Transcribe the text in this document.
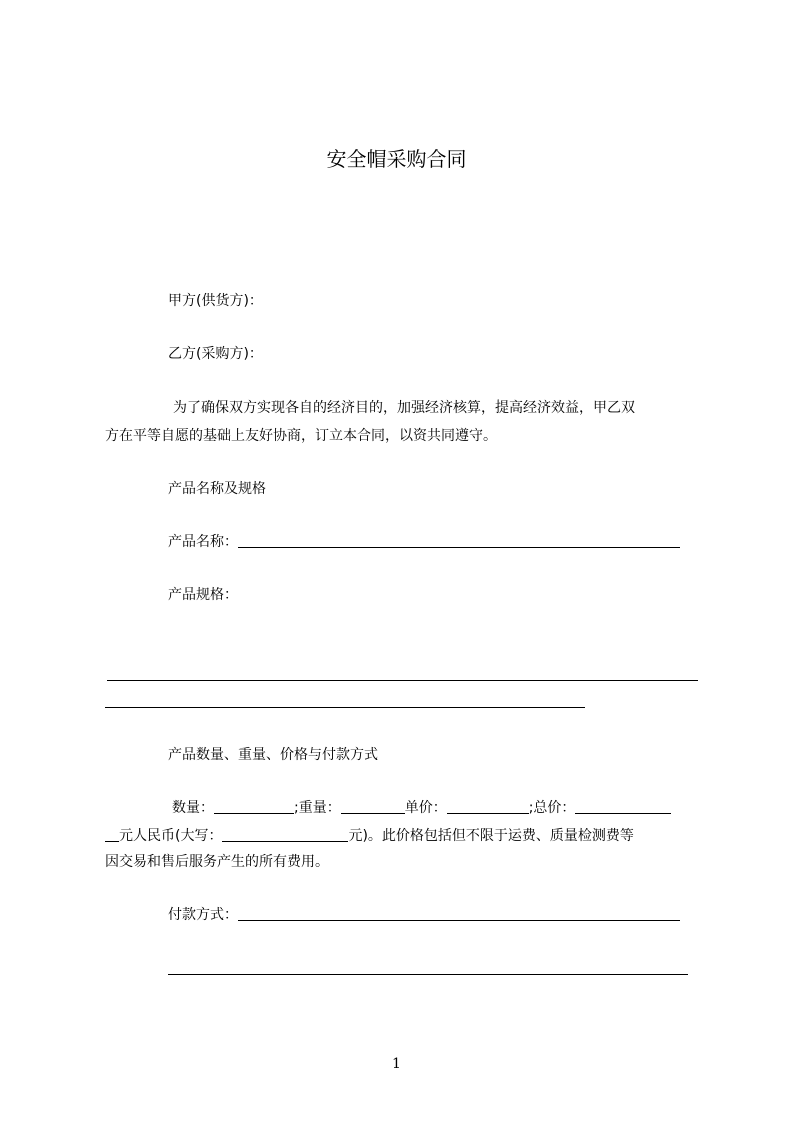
安全帽采购合同
甲方(供货方)：
乙方(采购方)：
为了确保双方实现各自的经济目的，加强经济核算，提高经济效益，甲乙双
方在平等自愿的基础上友好协商，订立本合同，以资共同遵守。
产品名称及规格
产品名称：
产品规格：
产品数量、重量、价格与付款方式
数量：	;重量：	单价：	;总价：
元人民币(大写：	元)。此价格包括但不限于运费、质量检测费等
因交易和售后服务产生的所有费用。
付款方式：
1
